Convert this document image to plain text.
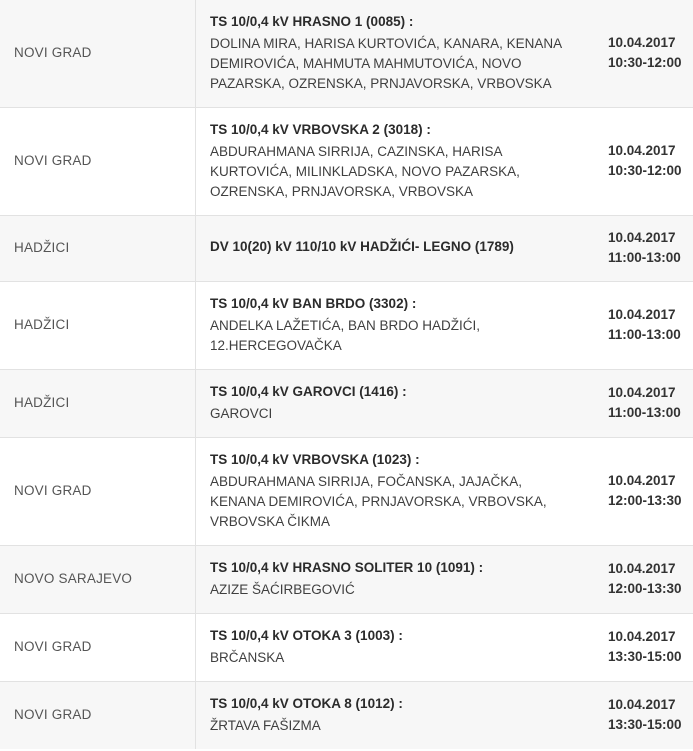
NOVI GRAD	TS 10/0,4 kV HRASNO 1 (0085) :
DOLINA MIRA, HARISA KURTOVIĆA, KANARA, KENANA DEMIROVIĆA, MAHMUTA MAHMUTOVIĆA, NOVO PAZARSKA, OZRENSKA, PRNJAVORSKA, VRBOVSKA	10.04.2017
10:30-12:00

NOVI GRAD	TS 10/0,4 kV VRBOVSKA 2 (3018) :
ABDURAHMANA SIRRIJA, CAZINSKA, HARISA KURTOVIĆA, MILINKLADSKA, NOVO PAZARSKA, OZRENSKA, PRNJAVORSKA, VRBOVSKA	10.04.2017
10:30-12:00

HADŽICI	DV 10(20) kV 110/10 kV HADŽIĆI- LEGNO (1789)	10.04.2017
11:00-13:00

HADŽICI	TS 10/0,4 kV BAN BRDO (3302) :
ANDELKA LAŽETIĆA, BAN BRDO HADŽIĆI, 12.HERCEGOVAČKA	10.04.2017
11:00-13:00

HADŽICI	TS 10/0,4 kV GAROVCI (1416) :
GAROVCI	10.04.2017
11:00-13:00

NOVI GRAD	TS 10/0,4 kV VRBOVSKA (1023) :
ABDURAHMANA SIRRIJA, FOČANSKA, JAJAČKA, KENANA DEMIROVIĆA, PRNJAVORSKA, VRBOVSKA, VRBOVSKA ČIKMA	10.04.2017
12:00-13:30

NOVO SARAJEVO	TS 10/0,4 kV HRASNO SOLITER 10 (1091) :
AZIZE ŠAĆIRBEGOVIĆ	10.04.2017
12:00-13:30

NOVI GRAD	TS 10/0,4 kV OTOKA 3 (1003) :
BRČANSKA	10.04.2017
13:30-15:00

NOVI GRAD	TS 10/0,4 kV OTOKA 8 (1012) :
ŽRTAVA FAŠIZMA	10.04.2017
13:30-15:00
